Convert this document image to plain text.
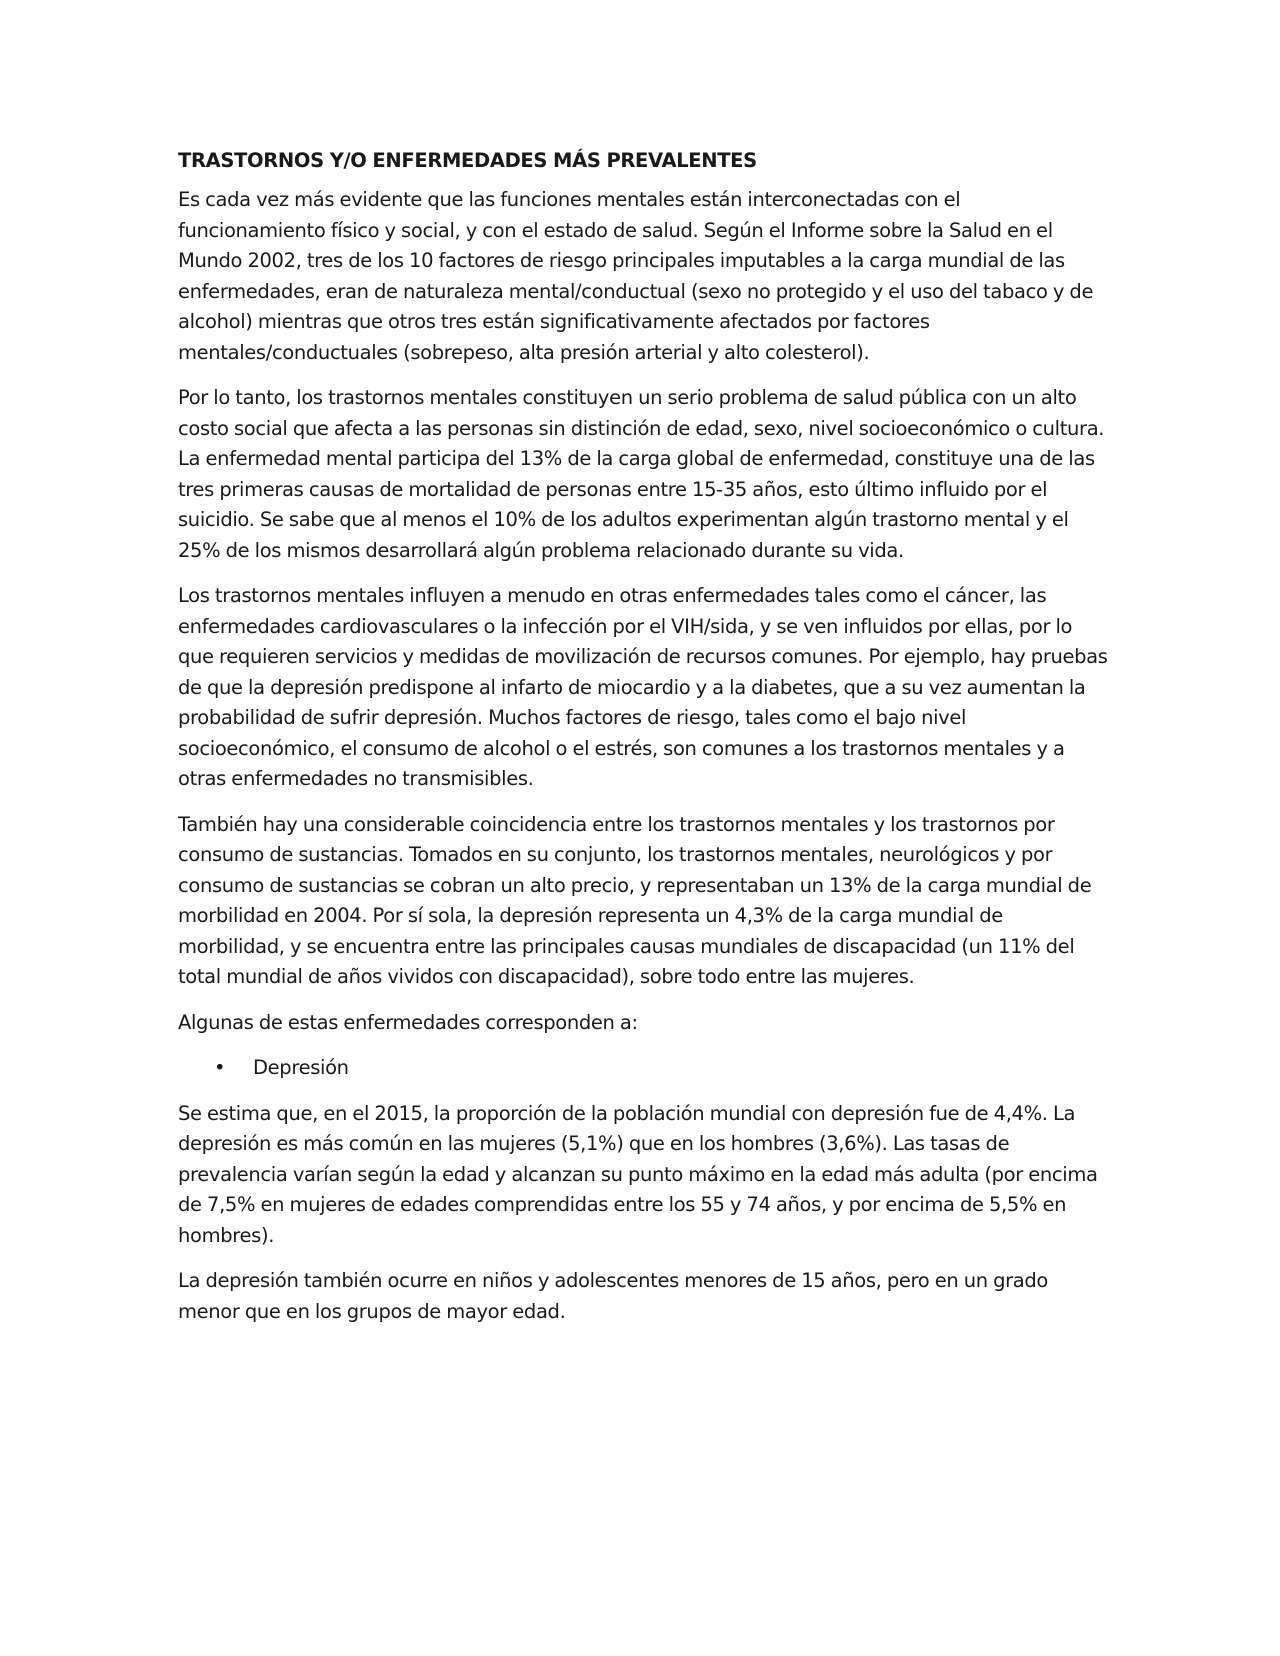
TRASTORNOS Y/O ENFERMEDADES MÁS PREVALENTES

Es cada vez más evidente que las funciones mentales están interconectadas con el funcionamiento físico y social, y con el estado de salud. Según el Informe sobre la Salud en el Mundo 2002, tres de los 10 factores de riesgo principales imputables a la carga mundial de las enfermedades, eran de naturaleza mental/conductual (sexo no protegido y el uso del tabaco y de alcohol) mientras que otros tres están significativamente afectados por factores mentales/conductuales (sobrepeso, alta presión arterial y alto colesterol).

Por lo tanto, los trastornos mentales constituyen un serio problema de salud pública con un alto costo social que afecta a las personas sin distinción de edad, sexo, nivel socioeconómico o cultura. La enfermedad mental participa del 13% de la carga global de enfermedad, constituye una de las tres primeras causas de mortalidad de personas entre 15-35 años, esto último influido por el suicidio. Se sabe que al menos el 10% de los adultos experimentan algún trastorno mental y el 25% de los mismos desarrollará algún problema relacionado durante su vida.

Los trastornos mentales influyen a menudo en otras enfermedades tales como el cáncer, las enfermedades cardiovasculares o la infección por el VIH/sida, y se ven influidos por ellas, por lo que requieren servicios y medidas de movilización de recursos comunes. Por ejemplo, hay pruebas de que la depresión predispone al infarto de miocardio y a la diabetes, que a su vez aumentan la probabilidad de sufrir depresión. Muchos factores de riesgo, tales como el bajo nivel socioeconómico, el consumo de alcohol o el estrés, son comunes a los trastornos mentales y a otras enfermedades no transmisibles.

También hay una considerable coincidencia entre los trastornos mentales y los trastornos por consumo de sustancias. Tomados en su conjunto, los trastornos mentales, neurológicos y por consumo de sustancias se cobran un alto precio, y representaban un 13% de la carga mundial de morbilidad en 2004. Por sí sola, la depresión representa un 4,3% de la carga mundial de morbilidad, y se encuentra entre las principales causas mundiales de discapacidad (un 11% del total mundial de años vividos con discapacidad), sobre todo entre las mujeres.

Algunas de estas enfermedades corresponden a:

• Depresión

Se estima que, en el 2015, la proporción de la población mundial con depresión fue de 4,4%. La depresión es más común en las mujeres (5,1%) que en los hombres (3,6%). Las tasas de prevalencia varían según la edad y alcanzan su punto máximo en la edad más adulta (por encima de 7,5% en mujeres de edades comprendidas entre los 55 y 74 años, y por encima de 5,5% en hombres).

La depresión también ocurre en niños y adolescentes menores de 15 años, pero en un grado menor que en los grupos de mayor edad.
